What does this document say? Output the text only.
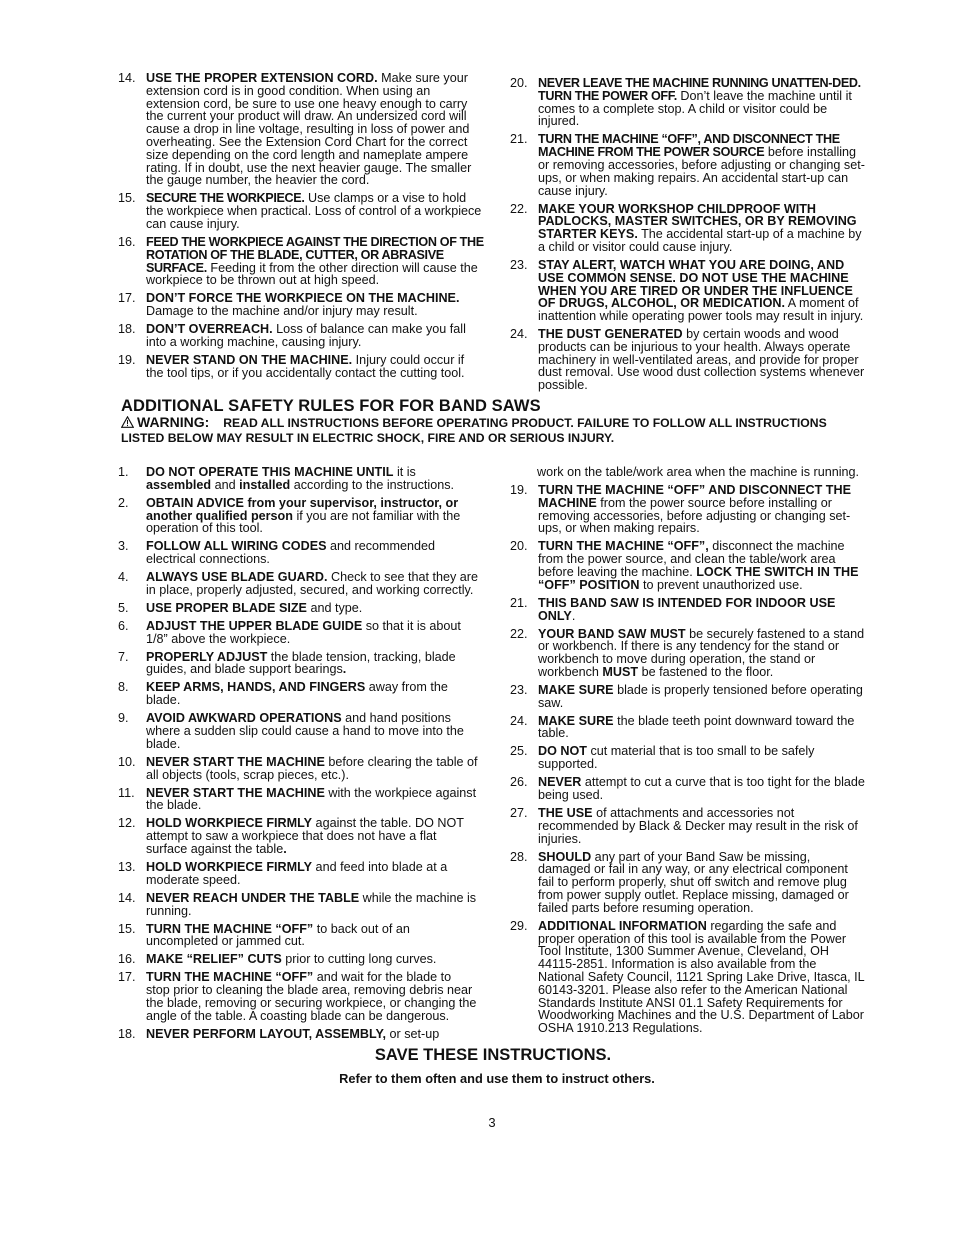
14. USE THE PROPER EXTENSION CORD. Make sure your extension cord is in good condition. When using an extension cord, be sure to use one heavy enough to carry the current your product will draw. An undersized cord will cause a drop in line voltage, resulting in loss of power and overheating. See the Extension Cord Chart for the correct size depending on the cord length and nameplate ampere rating. If in doubt, use the next heavier gauge. The smaller the gauge number, the heavier the cord.
15. SECURE THE WORKPIECE. Use clamps or a vise to hold the workpiece when practical. Loss of control of a workpiece can cause injury.
16. FEED THE WORKPIECE AGAINST THE DIRECTION OF THE ROTATION OF THE BLADE, CUTTER, OR ABRASIVE SURFACE. Feeding it from the other direction will cause the workpiece to be thrown out at high speed.
17. DON’T FORCE THE WORKPIECE ON THE MACHINE. Damage to the machine and/or injury may result.
18. DON’T OVERREACH. Loss of balance can make you fall into a working machine, causing injury.
19. NEVER STAND ON THE MACHINE. Injury could occur if the tool tips, or if you accidentally contact the cutting tool.
20. NEVER LEAVE THE MACHINE RUNNING UNATTEN-DED. TURN THE POWER OFF. Don’t leave the machine until it comes to a complete stop. A child or visitor could be injured.
21. TURN THE MACHINE “OFF”, AND DISCONNECT THE MACHINE FROM THE POWER SOURCE before installing or removing accessories, before adjusting or changing set-ups, or when making repairs. An accidental start-up can cause injury.
22. MAKE YOUR WORKSHOP CHILDPROOF WITH PADLOCKS, MASTER SWITCHES, OR BY REMOVING STARTER KEYS. The accidental start-up of a machine by a child or visitor could cause injury.
23. STAY ALERT, WATCH WHAT YOU ARE DOING, AND USE COMMON SENSE. DO NOT USE THE MACHINE WHEN YOU ARE TIRED OR UNDER THE INFLUENCE OF DRUGS, ALCOHOL, OR MEDICATION. A moment of inattention while operating power tools may result in injury.
24. THE DUST GENERATED by certain woods and wood products can be injurious to your health. Always operate machinery in well-ventilated areas, and provide for proper dust removal. Use wood dust collection systems whenever possible.
ADDITIONAL SAFETY RULES FOR FOR BAND SAWS
WARNING: READ ALL INSTRUCTIONS BEFORE OPERATING PRODUCT. FAILURE TO FOLLOW ALL INSTRUCTIONS
LISTED BELOW MAY RESULT IN ELECTRIC SHOCK, FIRE AND OR SERIOUS INJURY.
1.	DO NOT OPERATE THIS MACHINE UNTIL it is assembled and installed according to the instructions.
2.	OBTAIN ADVICE from your supervisor, instructor, or another qualified person if you are not familiar with the operation of this tool.
3.	FOLLOW ALL WIRING CODES and recommended electrical connections.
4.	ALWAYS USE BLADE GUARD. Check to see that they are in place, properly adjusted, secured, and working correctly.
5.	USE PROPER BLADE SIZE and type.
6.	ADJUST THE UPPER BLADE GUIDE so that it is about 1/8” above the workpiece.
7.	PROPERLY ADJUST the blade tension, tracking, blade guides, and blade support bearings.
8.	KEEP ARMS, HANDS, AND FINGERS away from the blade.
9.	AVOID AWKWARD OPERATIONS and hand positions where a sudden slip could cause a hand to move into the blade.
10. NEVER START THE MACHINE before clearing the table of all objects (tools, scrap pieces, etc.).
11. NEVER START THE MACHINE with the workpiece against the blade.
12. HOLD WORKPIECE FIRMLY against the table. DO NOT attempt to saw a workpiece that does not have a flat surface against the table.
13. HOLD WORKPIECE FIRMLY and feed into blade at a moderate speed.
14. NEVER REACH UNDER THE TABLE while the machine is running.
15. TURN THE MACHINE “OFF” to back out of an uncompleted or jammed cut.
16. MAKE “RELIEF” CUTS prior to cutting long curves.
17. TURN THE MACHINE “OFF” and wait for the blade to stop prior to cleaning the blade area, removing debris near the blade, removing or securing workpiece, or changing the angle of the table. A coasting blade can be dangerous.
18. NEVER PERFORM LAYOUT, ASSEMBLY, or set-up
work on the table/work area when the machine is running.
19. TURN THE MACHINE “OFF” AND DISCONNECT THE MACHINE from the power source before installing or removing accessories, before adjusting or changing set-ups, or when making repairs.
20. TURN THE MACHINE “OFF”, disconnect the machine from the power source, and clean the table/work area before leaving the machine. LOCK THE SWITCH IN THE “OFF” POSITION to prevent unauthorized use.
21. THIS BAND SAW IS INTENDED FOR INDOOR USE ONLY.
22. YOUR BAND SAW MUST be securely fastened to a stand or workbench. If there is any tendency for the stand or workbench to move during operation, the stand or workbench MUST be fastened to the floor.
23. MAKE SURE blade is properly tensioned before operating saw.
24. MAKE SURE the blade teeth point downward toward the table.
25. DO NOT cut material that is too small to be safely supported.
26. NEVER attempt to cut a curve that is too tight for the blade being used.
27. THE USE of attachments and accessories not recommended by Black & Decker may result in the risk of injuries.
28. SHOULD any part of your Band Saw be missing, damaged or fail in any way, or any electrical component fail to perform properly, shut off switch and remove plug from power supply outlet. Replace missing, damaged or failed parts before resuming operation.
29. ADDITIONAL INFORMATION regarding the safe and proper operation of this tool is available from the Power Tool Institute, 1300 Summer Avenue, Cleveland, OH 44115-2851. Information is also available from the National Safety Council, 1121 Spring Lake Drive, Itasca, IL 60143-3201. Please also refer to the American National Standards Institute ANSI 01.1 Safety Requirements for Woodworking Machines and the U.S. Department of Labor OSHA 1910.213 Regulations.
SAVE THESE INSTRUCTIONS.
Refer to them often and use them to instruct others.
3
